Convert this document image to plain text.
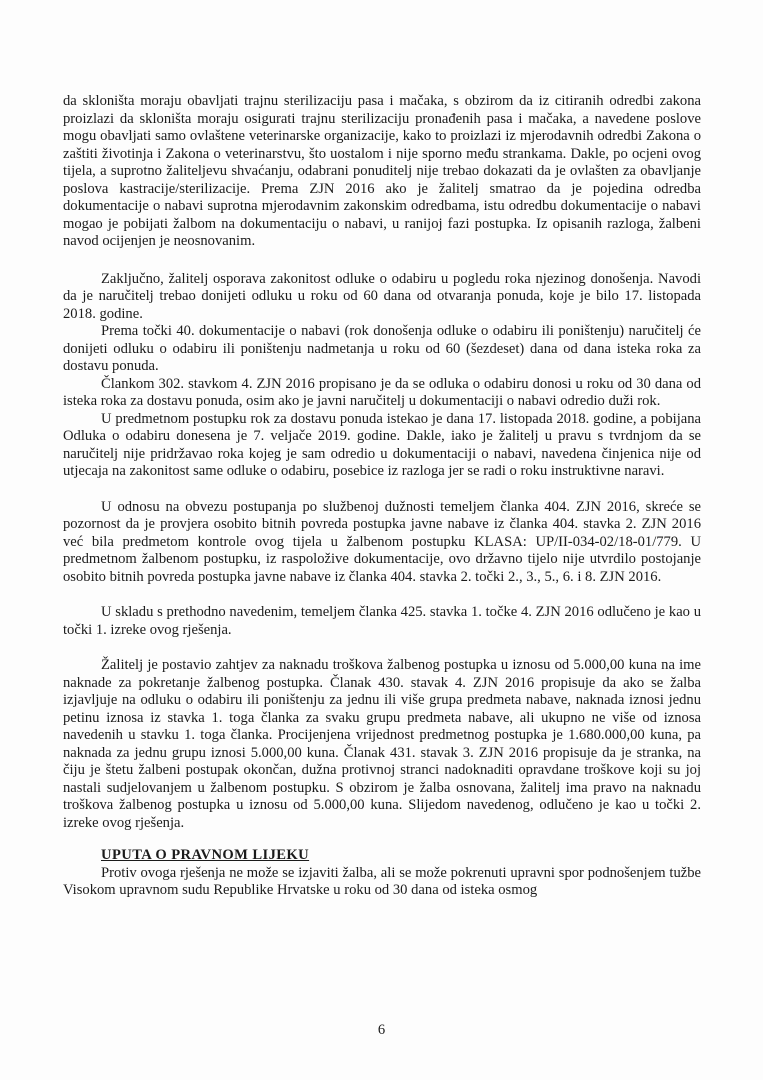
da skloništa moraju obavljati trajnu sterilizaciju pasa i mačaka, s obzirom da iz citiranih odredbi zakona proizlazi da skloništa moraju osigurati trajnu sterilizaciju pronađenih pasa i mačaka, a navedene poslove mogu obavljati samo ovlaštene veterinarske organizacije, kako to proizlazi iz mjerodavnih odredbi Zakona o zaštiti životinja i Zakona o veterinarstvu, što uostalom i nije sporno među strankama. Dakle, po ocjeni ovog tijela, a suprotno žaliteljevu shvaćanju, odabrani ponuditelj nije trebao dokazati da je ovlašten za obavljanje poslova kastracije/sterilizacije. Prema ZJN 2016 ako je žalitelj smatrao da je pojedina odredba dokumentacije o nabavi suprotna mjerodavnim zakonskim odredbama, istu odredbu dokumentacije o nabavi mogao je pobijati žalbom na dokumentaciju o nabavi, u ranijoj fazi postupka. Iz opisanih razloga, žalbeni navod ocijenjen je neosnovanim.

Zaključno, žalitelj osporava zakonitost odluke o odabiru u pogledu roka njezinog donošenja. Navodi da je naručitelj trebao donijeti odluku u roku od 60 dana od otvaranja ponuda, koje je bilo 17. listopada 2018. godine.

Prema točki 40. dokumentacije o nabavi (rok donošenja odluke o odabiru ili poništenju) naručitelj će donijeti odluku o odabiru ili poništenju nadmetanja u roku od 60 (šezdeset) dana od dana isteka roka za dostavu ponuda.

Člankom 302. stavkom 4. ZJN 2016 propisano je da se odluka o odabiru donosi u roku od 30 dana od isteka roka za dostavu ponuda, osim ako je javni naručitelj u dokumentaciji o nabavi odredio duži rok.

U predmetnom postupku rok za dostavu ponuda istekao je dana 17. listopada 2018. godine, a pobijana Odluka o odabiru donesena je 7. veljače 2019. godine. Dakle, iako je žalitelj u pravu s tvrdnjom da se naručitelj nije pridržavao roka kojeg je sam odredio u dokumentaciji o nabavi, navedena činjenica nije od utjecaja na zakonitost same odluke o odabiru, posebice iz razloga jer se radi o roku instruktivne naravi.

U odnosu na obvezu postupanja po službenoj dužnosti temeljem članka 404. ZJN 2016, skreće se pozornost da je provjera osobito bitnih povreda postupka javne nabave iz članka 404. stavka 2. ZJN 2016 već bila predmetom kontrole ovog tijela u žalbenom postupku KLASA: UP/II-034-02/18-01/779. U predmetnom žalbenom postupku, iz raspoložive dokumentacije, ovo državno tijelo nije utvrdilo postojanje osobito bitnih povreda postupka javne nabave iz članka 404. stavka 2. točki 2., 3., 5., 6. i 8. ZJN 2016.

U skladu s prethodno navedenim, temeljem članka 425. stavka 1. točke 4. ZJN 2016 odlučeno je kao u točki 1. izreke ovog rješenja.

Žalitelj je postavio zahtjev za naknadu troškova žalbenog postupka u iznosu od 5.000,00 kuna na ime naknade za pokretanje žalbenog postupka. Članak 430. stavak 4. ZJN 2016 propisuje da ako se žalba izjavljuje na odluku o odabiru ili poništenju za jednu ili više grupa predmeta nabave, naknada iznosi jednu petinu iznosa iz stavka 1. toga članka za svaku grupu predmeta nabave, ali ukupno ne više od iznosa navedenih u stavku 1. toga članka. Procijenjena vrijednost predmetnog postupka je 1.680.000,00 kuna, pa naknada za jednu grupu iznosi 5.000,00 kuna. Članak 431. stavak 3. ZJN 2016 propisuje da je stranka, na čiju je štetu žalbeni postupak okončan, dužna protivnoj stranci nadoknaditi opravdane troškove koji su joj nastali sudjelovanjem u žalbenom postupku. S obzirom je žalba osnovana, žalitelj ima pravo na naknadu troškova žalbenog postupka u iznosu od 5.000,00 kuna. Slijedom navedenog, odlučeno je kao u točki 2. izreke ovog rješenja.

UPUTA O PRAVNOM LIJEKU

Protiv ovoga rješenja ne može se izjaviti žalba, ali se može pokrenuti upravni spor podnošenjem tužbe Visokom upravnom sudu Republike Hrvatske u roku od 30 dana od isteka osmog

6
